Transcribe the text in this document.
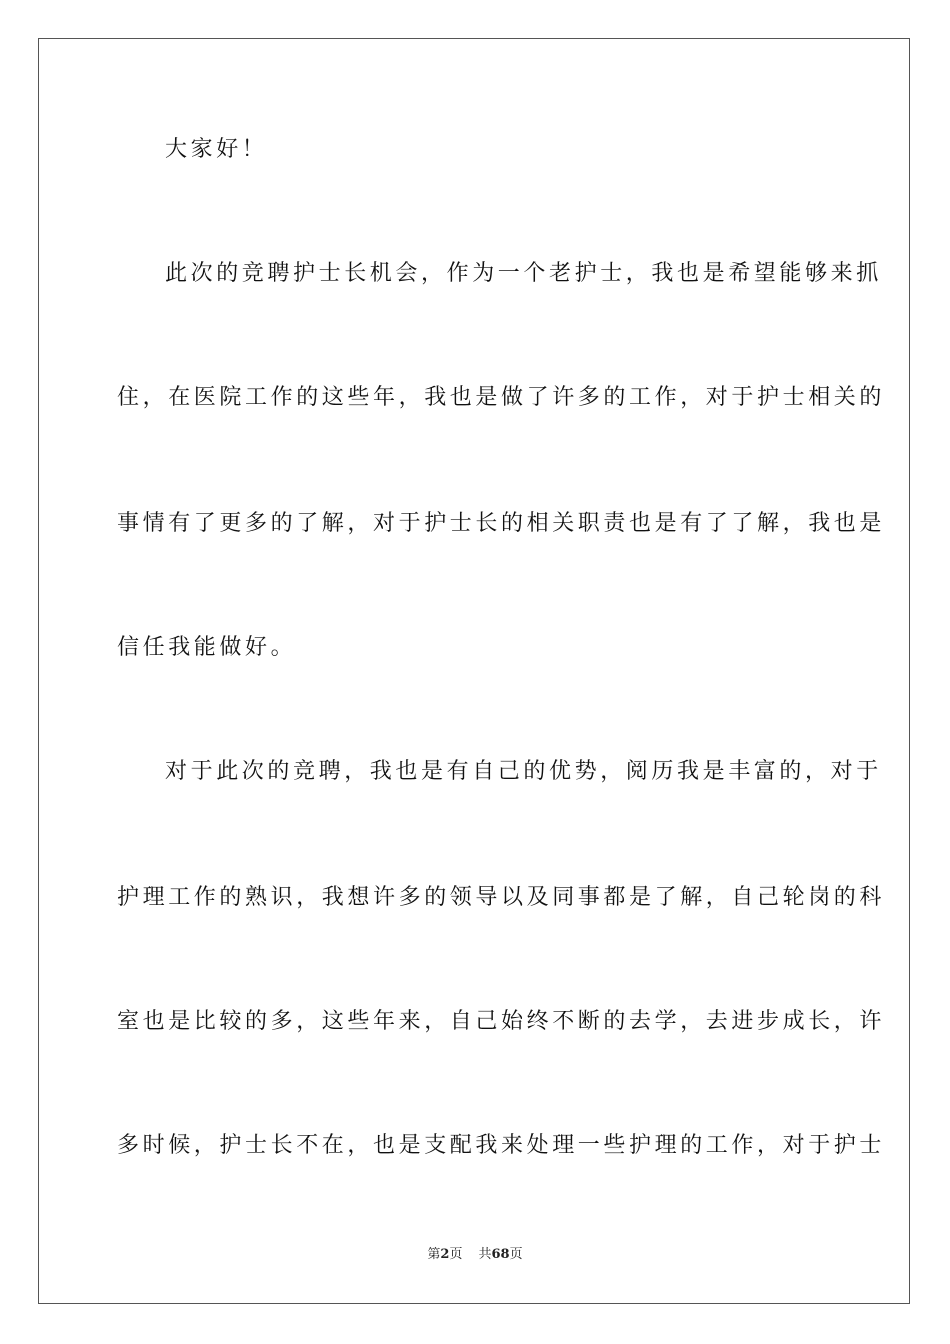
大家好！
此次的竞聘护士长机会，作为一个老护士，我也是希望能够来抓
住，在医院工作的这些年，我也是做了许多的工作，对于护士相关的
事情有了更多的了解，对于护士长的相关职责也是有了了解，我也是
信任我能做好。
对于此次的竞聘，我也是有自己的优势，阅历我是丰富的，对于
护理工作的熟识，我想许多的领导以及同事都是了解，自己轮岗的科
室也是比较的多，这些年来，自己始终不断的去学，去进步成长，许
多时候，护士长不在，也是支配我来处理一些护理的工作，对于护士
第2页 共68页
